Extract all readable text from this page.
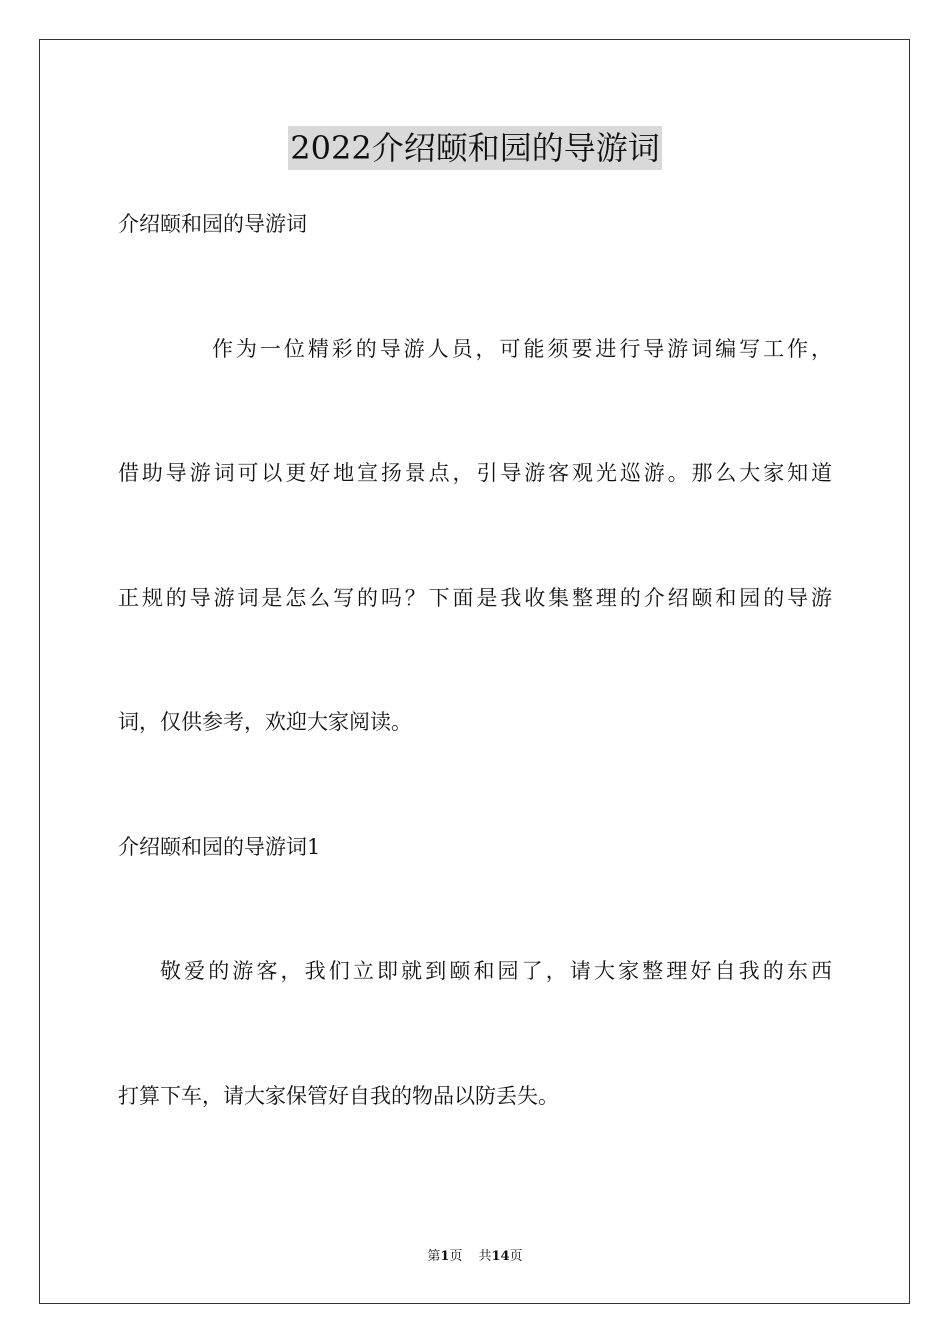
2022介绍颐和园的导游词
介绍颐和园的导游词
作为一位精彩的导游人员，可能须要进行导游词编写工作，
借助导游词可以更好地宣扬景点，引导游客观光巡游。那么大家知道
正规的导游词是怎么写的吗？下面是我收集整理的介绍颐和园的导游
词，仅供参考，欢迎大家阅读。
介绍颐和园的导游词1
敬爱的游客，我们立即就到颐和园了，请大家整理好自我的东西
打算下车，请大家保管好自我的物品以防丢失。
第1页 共14页
